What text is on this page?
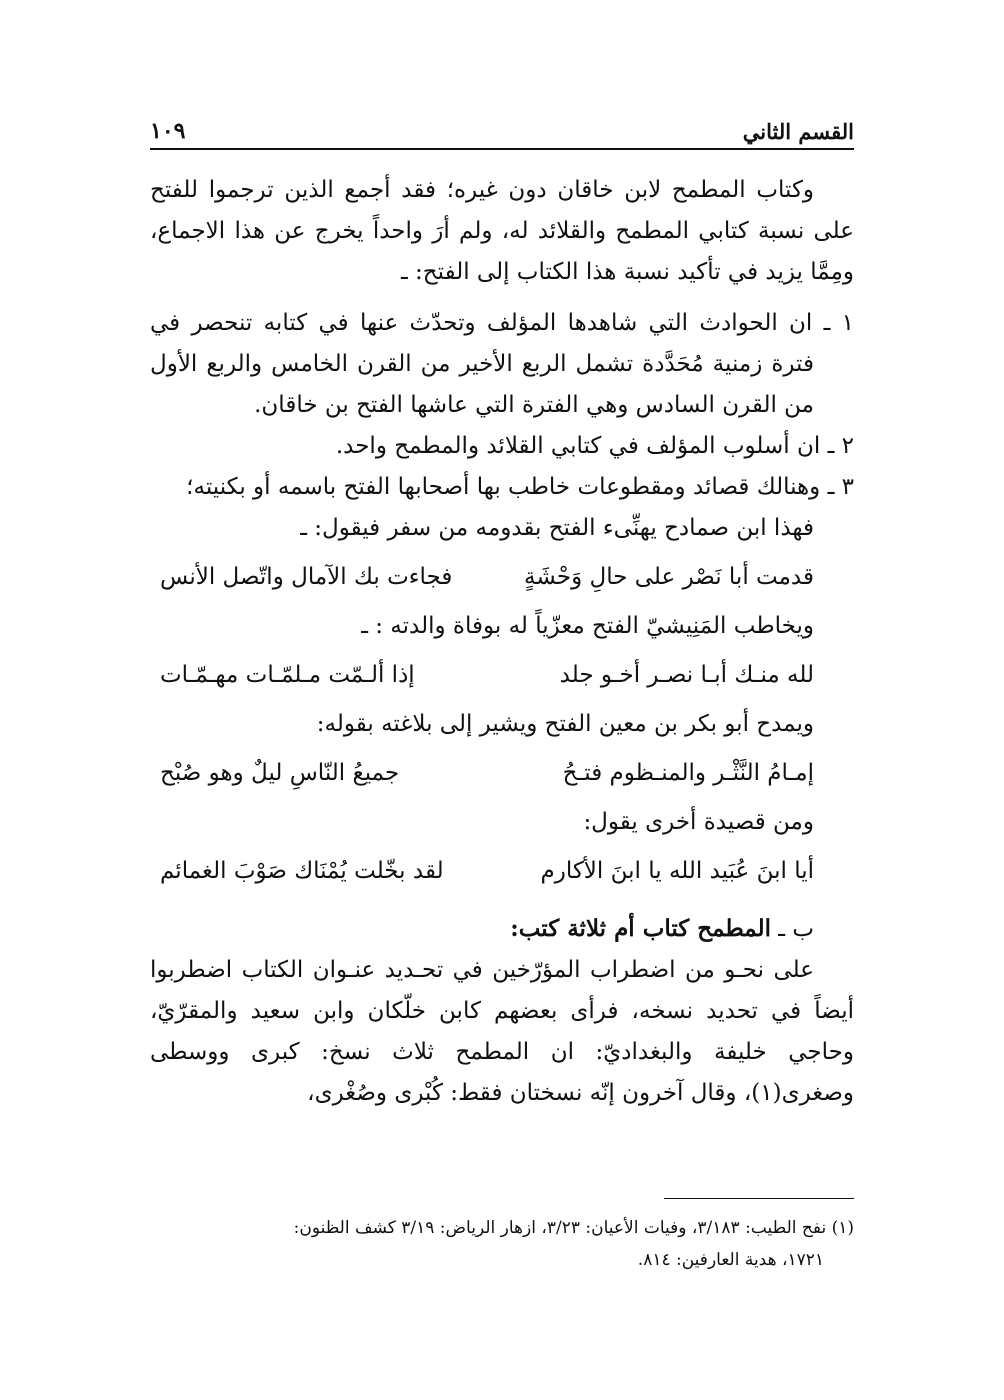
القسم الثاني
١٠٩

وكتاب المطمح لابن خاقان دون غيره؛ فقد أجمع الذين ترجموا للفتح على نسبة كتابي المطمح والقلائد له، ولم أرَ واحداً يخرج عن هذا الاجماع، ومِمَّا يزيد في تأكيد نسبة هذا الكتاب إلى الفتح: ـ

١ ـ ان الحوادث التي شاهدها المؤلف وتحدّث عنها في كتابه تنحصر في فترة زمنية مُحَدَّدة تشمل الربع الأخير من القرن الخامس والربع الأول من القرن السادس وهي الفترة التي عاشها الفتح بن خاقان.

٢ ـ ان أسلوب المؤلف في كتابي القلائد والمطمح واحد.

٣ ـ وهنالك قصائد ومقطوعات خاطب بها أصحابها الفتح باسمه أو بكنيته؛

فهذا ابن صمادح يهنِّىء الفتح بقدومه من سفر فيقول: ـ

قدمت أبا نَصْر على حالِ وَحْشَةٍ
فجاءت بك الآمال واتّصل الأنس

ويخاطب المَنِيشيّ الفتح معزّياً له بوفاة والدته : ـ

لله منـك أبـا نصـر أخـو جلد
إذا ألـمّت مـلمّـات مهـمّـات

ويمدح أبو بكر بن معين الفتح ويشير إلى بلاغته بقوله:

إمـامُ النَّثْـر والمنـظوم فتـحُ
جميعُ النّاسِ ليلٌ وهو صُبْح

ومن قصيدة أخرى يقول:

أيا ابنَ عُبَيد الله يا ابنَ الأكارم
لقد بخّلت يُمْنَاك صَوْبَ الغمائم

ب ـ المطمح كتاب أم ثلاثة كتب:

على نحـو من اضطراب المؤرّخين في تحـديد عنـوان الكتاب اضطربوا أيضاً في تحديد نسخه، فرأى بعضهم كابن خلّكان وابن سعيد والمقرّيّ، وحاجي خليفة والبغداديّ: ان المطمح ثلاث نسخ: كبرى ووسطى وصغرى(١)، وقال آخرون إنّه نسختان فقط: كُبْرى وصُغْرى،

(١) نفح الطيب: ٣/١٨٣، وفيات الأعيان: ٣/٢٣، ازهار الرياض: ٣/١٩ كشف الظنون:

١٧٢١، هدية العارفين: ٨١٤.
